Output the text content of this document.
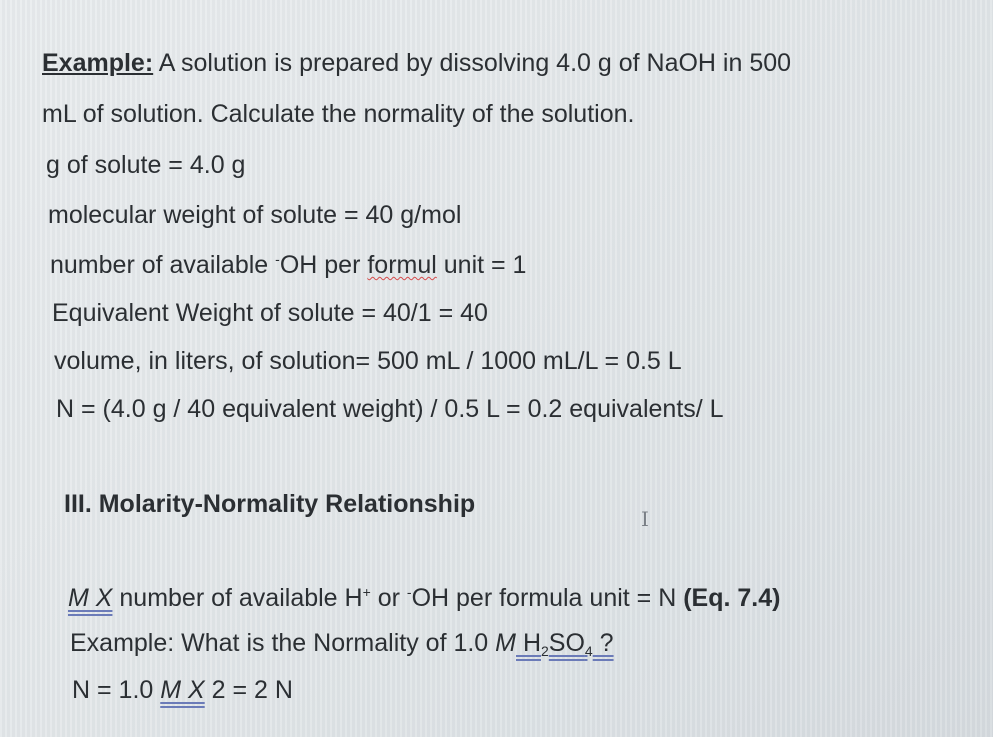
Example: A solution is prepared by dissolving 4.0 g of NaOH in 500
mL of solution. Calculate the normality of the solution.
g of solute = 4.0 g
molecular weight of solute = 40 g/mol
number of available -OH per formul unit = 1
Equivalent Weight of solute = 40/1 = 40
volume, in liters, of solution= 500 mL / 1000 mL/L = 0.5 L
N = (4.0 g / 40 equivalent weight) / 0.5 L = 0.2 equivalents/ L
III. Molarity-Normality Relationship
I
M X number of available H+ or -OH per formula unit = N (Eq. 7.4)
Example: What is the Normality of 1.0 M $H_2SO_4$ ?
N = 1.0 M X 2 = 2 N
